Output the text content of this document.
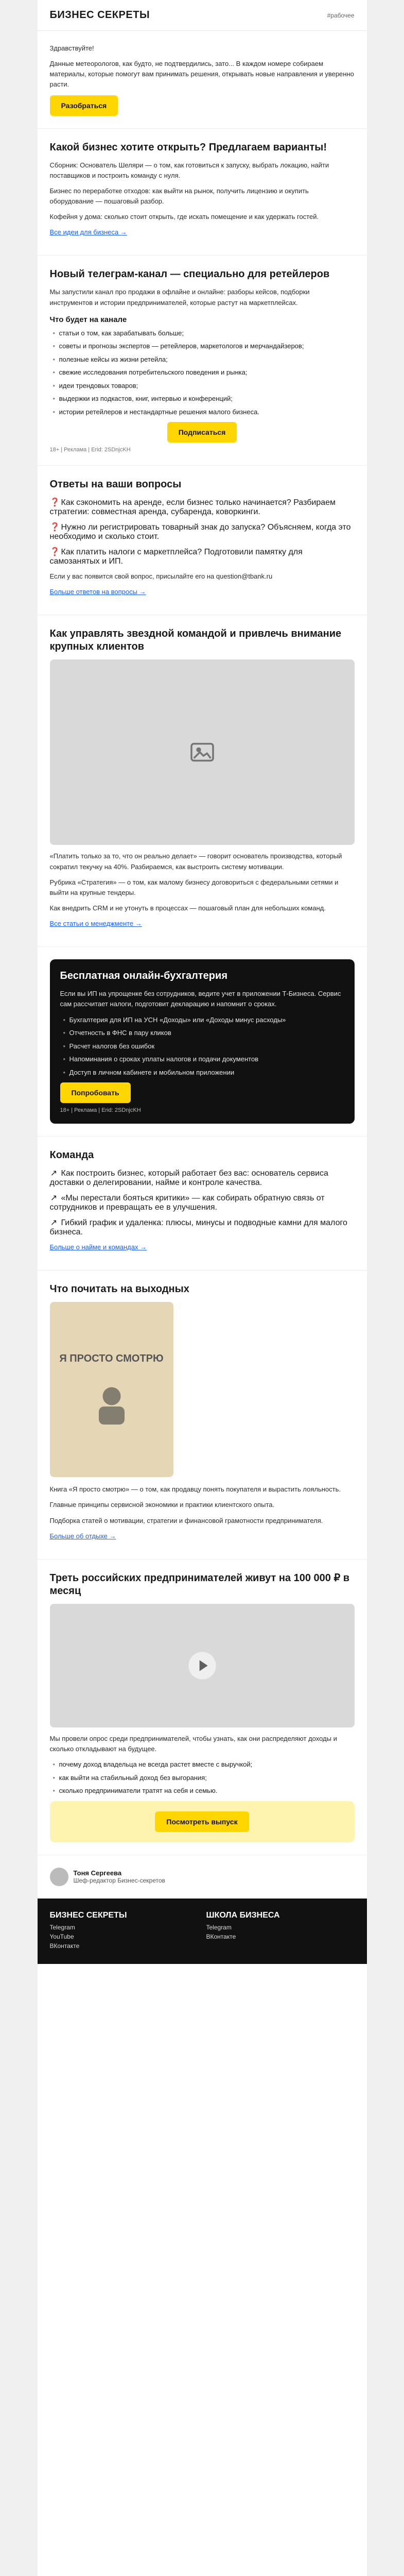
БИЗНЕС СЕКРЕТЫ	#рабочее

Здравствуйте!

Данные метеорологов, как будто, не подтвердились, зато... В каждом номере собираем материалы, которые помогут вам принимать решения, открывать новые направления и уверенно расти.

Разобраться
Какой бизнес хотите открыть? Предлагаем варианты!

Сборник: Основатель Шеляри — о том, как готовиться к запуску, выбрать локацию, найти поставщиков и построить команду с нуля.

Бизнес по переработке отходов: как выйти на рынок, получить лицензию и окупить оборудование — пошаговый разбор.

Кофейня у дома: сколько стоит открыть, где искать помещение и как удержать гостей.

Все идеи для бизнеса →

Новый телеграм-канал — специально для ретейлеров

Мы запустили канал про продажи в офлайне и онлайне: разборы кейсов, подборки инструментов и истории предпринимателей, которые растут на маркетплейсах.

Что будет на канале
• статьи о том, как зарабатывать больше;
• советы и прогнозы экспертов — ретейлеров, маркетологов и мерчандайзеров;
• полезные кейсы из жизни ретейла;
• свежие исследования потребительского поведения и рынка;
• идеи трендовых товаров;
• выдержки из подкастов, книг, интервью и конференций;
• истории ретейлеров и нестандартные решения малого бизнеса.
Подписаться
18+ | Реклама | Erid: 2SDnjcKH
Ответы на ваши вопросы
❓ Как сэкономить на аренде, если бизнес только начинается? Разбираем стратегии: совместная аренда, субаренда, коворкинги.
❓ Нужно ли регистрировать товарный знак до запуска? Объясняем, когда это необходимо и сколько стоит.
❓ Как платить налоги с маркетплейса? Подготовили памятку для самозанятых и ИП.

Если у вас появится свой вопрос, присылайте его на question@tbank.ru

Больше ответов на вопросы →

Как управлять звездной командой и привлечь внимание крупных клиентов

«Платить только за то, что он реально делает» — говорит основатель производства, который сократил текучку на 40%. Разбираемся, как выстроить систему мотивации.

Рубрика «Стратегия» — о том, как малому бизнесу договориться с федеральными сетями и выйти на крупные тендеры.

Как внедрить CRM и не утонуть в процессах — пошаговый план для небольших команд.

Все статьи о менеджменте →

Бесплатная онлайн-бухгалтерия

Если вы ИП на упрощенке без сотрудников, ведите учет в приложении Т-Бизнеса. Сервис сам рассчитает налоги, подготовит декларацию и напомнит о сроках.

• Бухгалтерия для ИП на УСН «Доходы» или «Доходы минус расходы»
• Отчетность в ФНС в пару кликов
• Расчет налогов без ошибок
• Напоминания о сроках уплаты налогов и подачи документов
• Доступ в личном кабинете и мобильном приложении
Попробовать
18+ | Реклама | Erid: 2SDnjcKH
Команда
↗ Как построить бизнес, который работает без вас: основатель сервиса доставки о делегировании, найме и контроле качества.
↗ «Мы перестали бояться критики» — как собирать обратную связь от сотрудников и превращать ее в улучшения.
↗ Гибкий график и удаленка: плюсы, минусы и подводные камни для малого бизнеса.

Больше о найме и командах →

Что почитать на выходных
Я ПРОСТО СМОТРЮ

Книга «Я просто смотрю» — о том, как продавцу понять покупателя и вырастить лояльность.

Главные принципы сервисной экономики и практики клиентского опыта.

Подборка статей о мотивации, стратегии и финансовой грамотности предпринимателя.

Больше об отдыхе →

Треть российских предпринимателей живут на 100 000 ₽ в месяц

Мы провели опрос среди предпринимателей, чтобы узнать, как они распределяют доходы и сколько откладывают на будущее.

• почему доход владельца не всегда растет вместе с выручкой;
• как выйти на стабильный доход без выгорания;
• сколько предприниматели тратят на себя и семью.
Посмотреть выпуск
Тоня Сергеева
Шеф-редактор Бизнес-секретов
БИЗНЕС СЕКРЕТЫ
Telegram
YouTube
ВКонтакте
ШКОЛА БИЗНЕСА
Telegram
ВКонтакте
